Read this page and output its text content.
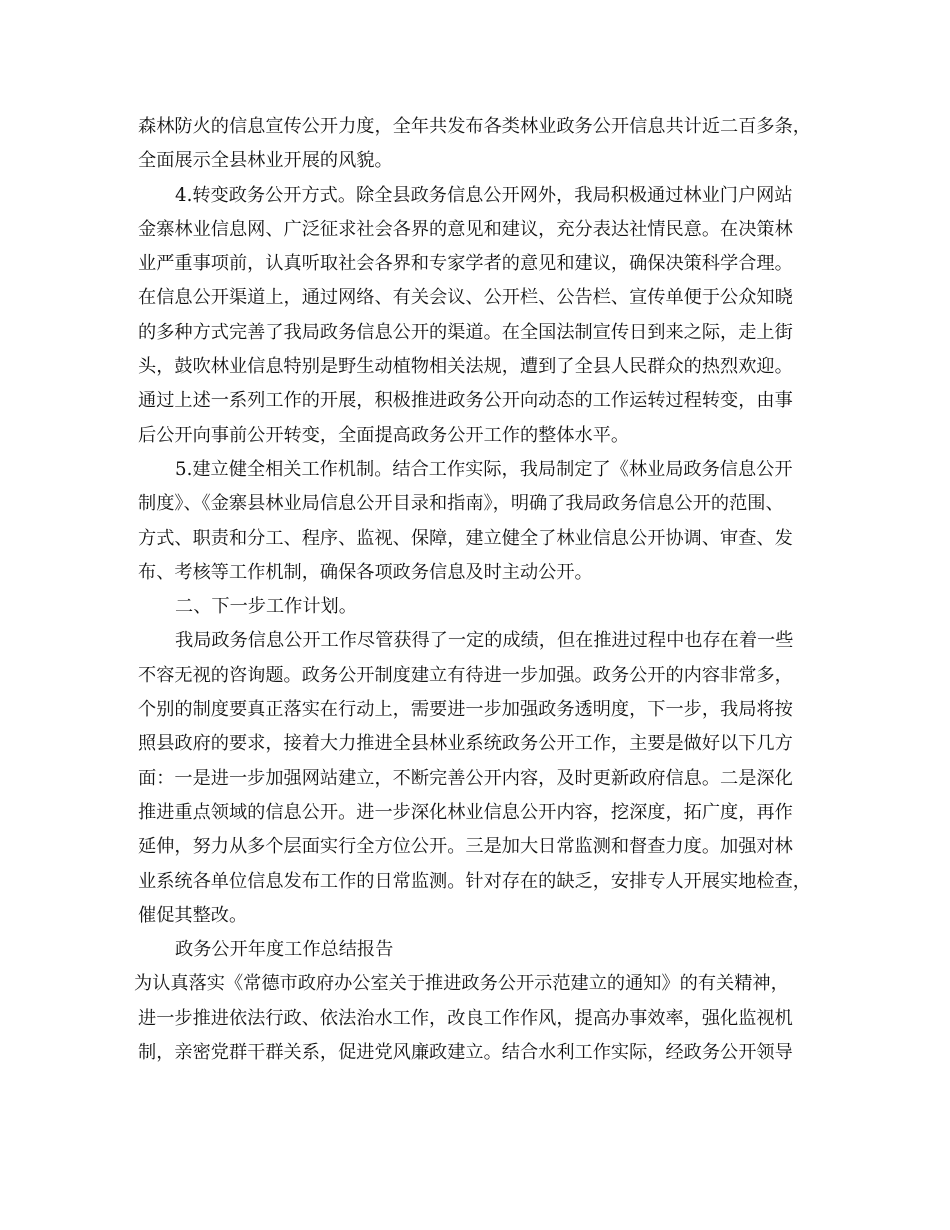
森林防火的信息宣传公开力度，全年共发布各类林业政务公开信息共计近二百多条，
全面展示全县林业开展的风貌。
4.转变政务公开方式。除全县政务信息公开网外，我局积极通过林业门户网站
金寨林业信息网、广泛征求社会各界的意见和建议，充分表达社情民意。在决策林
业严重事项前，认真听取社会各界和专家学者的意见和建议，确保决策科学合理。
在信息公开渠道上，通过网络、有关会议、公开栏、公告栏、宣传单便于公众知晓
的多种方式完善了我局政务信息公开的渠道。在全国法制宣传日到来之际，走上街
头，鼓吹林业信息特别是野生动植物相关法规，遭到了全县人民群众的热烈欢迎。
通过上述一系列工作的开展，积极推进政务公开向动态的工作运转过程转变，由事
后公开向事前公开转变，全面提高政务公开工作的整体水平。
5.建立健全相关工作机制。结合工作实际，我局制定了《林业局政务信息公开
制度》、《金寨县林业局信息公开目录和指南》，明确了我局政务信息公开的范围、
方式、职责和分工、程序、监视、保障，建立健全了林业信息公开协调、审查、发
布、考核等工作机制，确保各项政务信息及时主动公开。
二、下一步工作计划。
我局政务信息公开工作尽管获得了一定的成绩，但在推进过程中也存在着一些
不容无视的咨询题。政务公开制度建立有待进一步加强。政务公开的内容非常多，
个别的制度要真正落实在行动上，需要进一步加强政务透明度，下一步，我局将按
照县政府的要求，接着大力推进全县林业系统政务公开工作，主要是做好以下几方
面：一是进一步加强网站建立，不断完善公开内容，及时更新政府信息。二是深化
推进重点领域的信息公开。进一步深化林业信息公开内容，挖深度，拓广度，再作
延伸，努力从多个层面实行全方位公开。三是加大日常监测和督查力度。加强对林
业系统各单位信息发布工作的日常监测。针对存在的缺乏，安排专人开展实地检查，
催促其整改。
政务公开年度工作总结报告
为认真落实《常德市政府办公室关于推进政务公开示范建立的通知》的有关精神，
进一步推进依法行政、依法治水工作，改良工作作风，提高办事效率，强化监视机
制，亲密党群干群关系，促进党风廉政建立。结合水利工作实际，经政务公开领导
